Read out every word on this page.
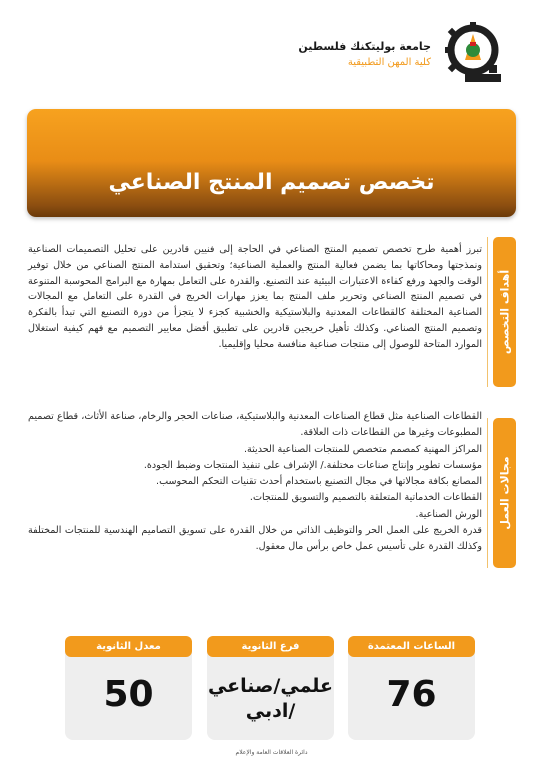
جامعة بوليتكنك فلسطين
كلية المهن التطبيقية
تخصص تصميم المنتج الصناعي
أهداف التخصص
مجالات العمل

تبرز أهمية طرح تخصص تصميم المنتج الصناعي في الحاجة إلى فنيين قادرين على تحليل التصميمات الصناعية ونمذجتها ومحاكاتها بما يضمن فعالية المنتج والعملية الصناعية؛ وتحقيق استدامة المنتج الصناعي من خلال توفير الوقت والجهد ورفع كفاءة الاعتبارات البيئية عند التصنيع. والقدرة على التعامل بمهارة مع البرامج المحوسبة المتنوعة في تصميم المنتج الصناعي وتحرير ملف المنتج بما يعزز مهارات الخريج في القدرة على التعامل مع المجالات الصناعية المختلفة كالقطاعات المعدنية والبلاستيكية والخشبية كجزء لا يتجزأ من دورة التصنيع التي تبدأ بالفكرة وتصميم المنتج الصناعي. وكذلك تأهيل خريجين قادرين على تطبيق أفضل معايير التصميم مع فهم كيفية استغلال الموارد المتاحة للوصول إلى منتجات صناعية منافسة محليا وإقليميا.

القطاعات الصناعية مثل قطاع الصناعات المعدنية والبلاستيكية، صناعات الحجر والرخام، صناعة الأثاث، قطاع تصميم المطبوعات وغيرها من القطاعات ذات العلاقة.
المراكز المهنية كمصمم متخصص للمنتجات الصناعية الحديثة.
مؤسسات تطوير وإنتاج صناعات مختلفة./ الإشراف على تنفيذ المنتجات وضبط الجودة.
المصانع بكافة مجالاتها في مجال التصنيع باستخدام أحدث تقنيات التحكم المحوسب.
القطاعات الخدماتية المتعلقة بالتصميم والتسويق للمنتجات.
الورش الصناعية.
قدرة الخريج على العمل الحر والتوظيف الذاتي من خلال القدرة على تسويق التصاميم الهندسية للمنتجات المختلفة وكذلك القدرة على تأسيس عمل خاص برأس مال معقول.
الساعات المعتمدة
76
فرع الثانوية
علمي/صناعي /ادبي
معدل الثانوية
50
دائرة العلاقات العامة والإعلام
